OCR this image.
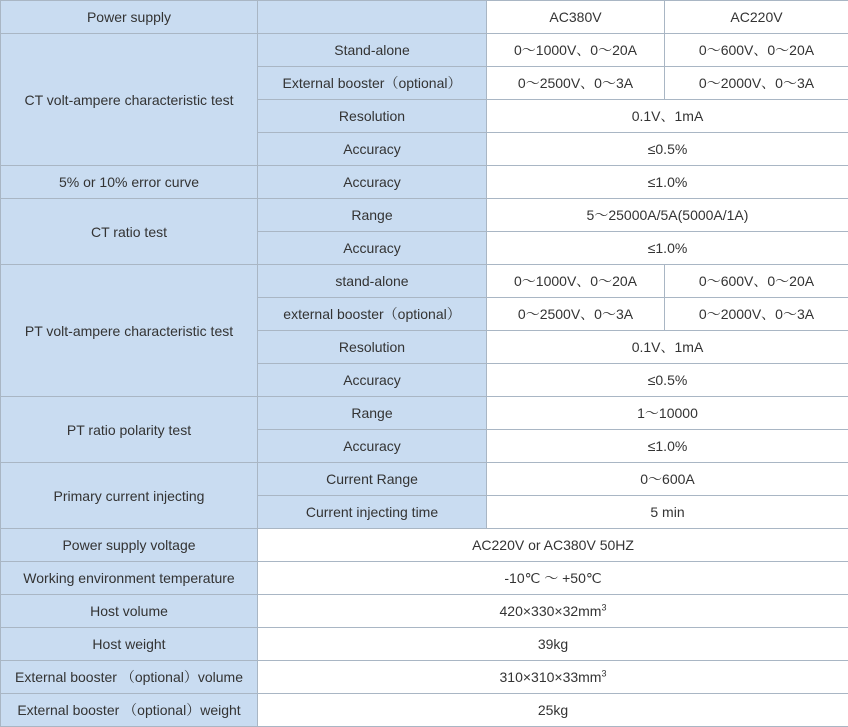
Power supply		AC380V	AC220V
CT volt-ampere characteristic test	Stand-alone	0～1000V、0～20A	0～600V、0～20A
	External booster（optional）	0～2500V、0～3A	0～2000V、0～3A
	Resolution	0.1V、1mA	
	Accuracy	≤0.5%	
5% or 10% error curve	Accuracy	≤1.0%	
CT ratio test	Range	5～25000A/5A(5000A/1A)	
	Accuracy	≤1.0%	
PT volt-ampere characteristic test	stand-alone	0～1000V、0～20A	0～600V、0～20A
	external booster（optional）	0～2500V、0～3A	0～2000V、0～3A
	Resolution	0.1V、1mA	
	Accuracy	≤0.5%	
PT ratio polarity test	Range	1～10000	
	Accuracy	≤1.0%	
Primary current injecting	Current Range	0～600A	
	Current injecting time	5 min	
Power supply voltage	AC220V or AC380V 50HZ		
Working environment temperature	-10℃ ～ +50℃		
Host volume	$420\times 330\times 32mm^3$
Host weight	39kg		
External booster （optional）volume	$310\times 310\times 33mm^3$
External booster （optional）weight	25kg		
